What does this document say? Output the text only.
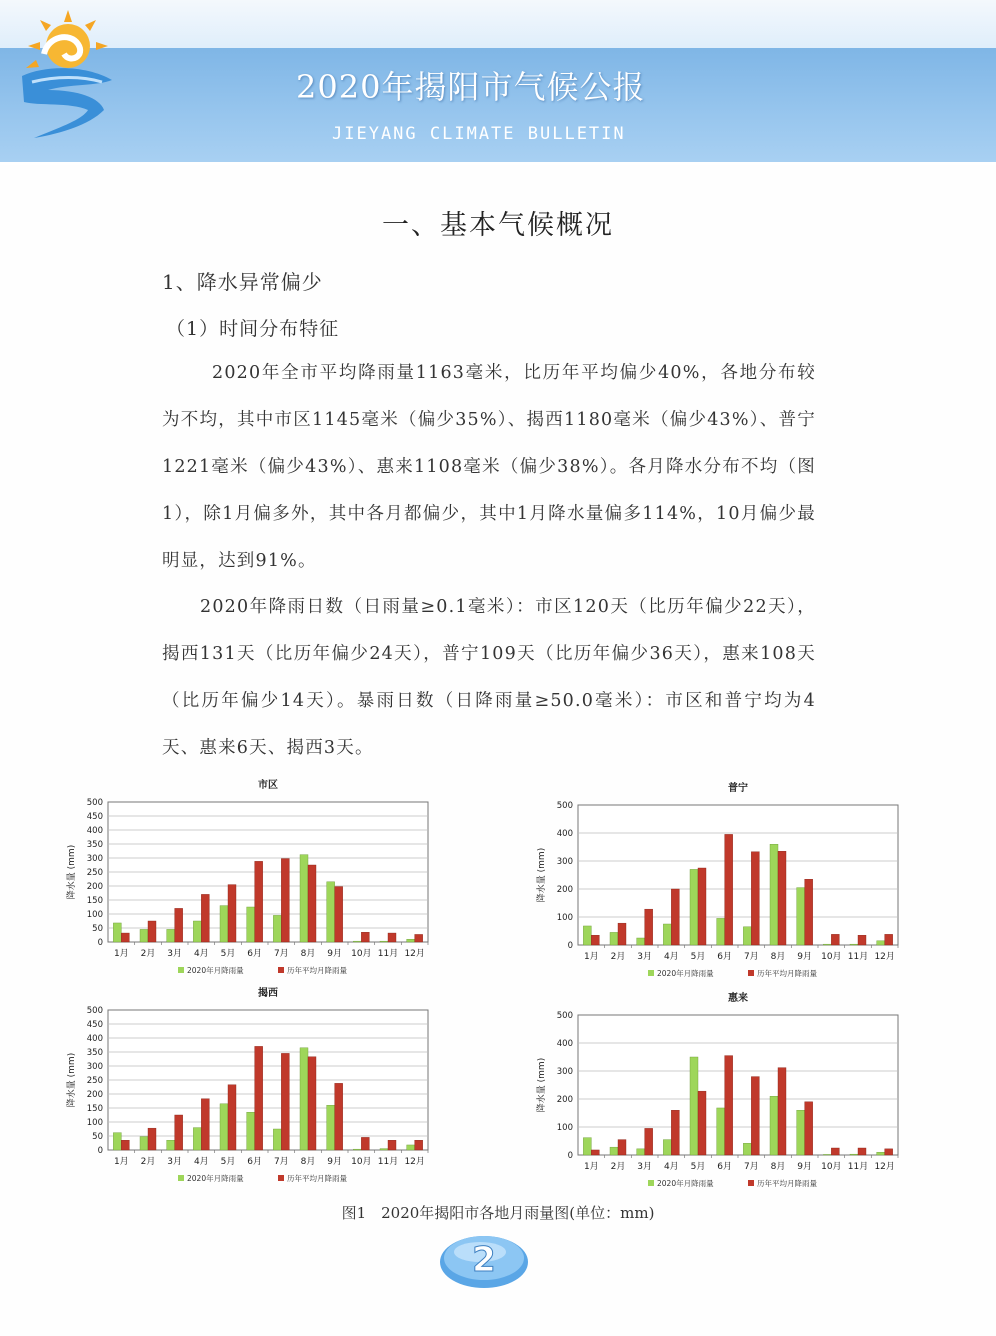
2020年揭阳市气候公报
JIEYANG CLIMATE BULLETIN
一、基本气候概况
1、降水异常偏少
（1）时间分布特征

2020年全市平均降雨量1163毫米，比历年平均偏少40%，各地分布较为不均，其中市区1145毫米（偏少35%）、揭西1180毫米（偏少43%）、普宁1221毫米（偏少43%）、惠来1108毫米（偏少38%）。各月降水分布不均（图1），除1月偏多外，其中各月都偏少，其中1月降水量偏多114%，10月偏少最明显，达到91%。

2020年降雨日数（日雨量≥0.1毫米）：市区120天（比历年偏少22天），揭西131天（比历年偏少24天），普宁109天（比历年偏少36天），惠来108天（比历年偏少14天）。暴雨日数（日降雨量≥50.0毫米）：市区和普宁均为4天、惠来6天、揭西3天。

市区
0
50
100
150
200
250
300
350
400
450
500
降水量 (mm)
1月 2月 3月 4月 5月 6月 7月 8月 9月 10月 11月 12月
2020年月降雨量	历年平均月降雨量
普宁
0
100
200
300
400
500
降水量 (mm)
1月 2月 3月 4月 5月 6月 7月 8月 9月 10月 11月 12月
2020年月降雨量	历年平均月降雨量
揭西
0
50
100
150
200
250
300
350
400
450
500
降水量 (mm)
1月 2月 3月 4月 5月 6月 7月 8月 9月 10月 11月 12月
2020年月降雨量	历年平均月降雨量
惠来
0
100
200
300
400
500
降水量 (mm)
1月 2月 3月 4月 5月 6月 7月 8月 9月 10月 11月 12月
2020年月降雨量	历年平均月降雨量
图1　2020年揭阳市各地月雨量图(单位：mm)
2
